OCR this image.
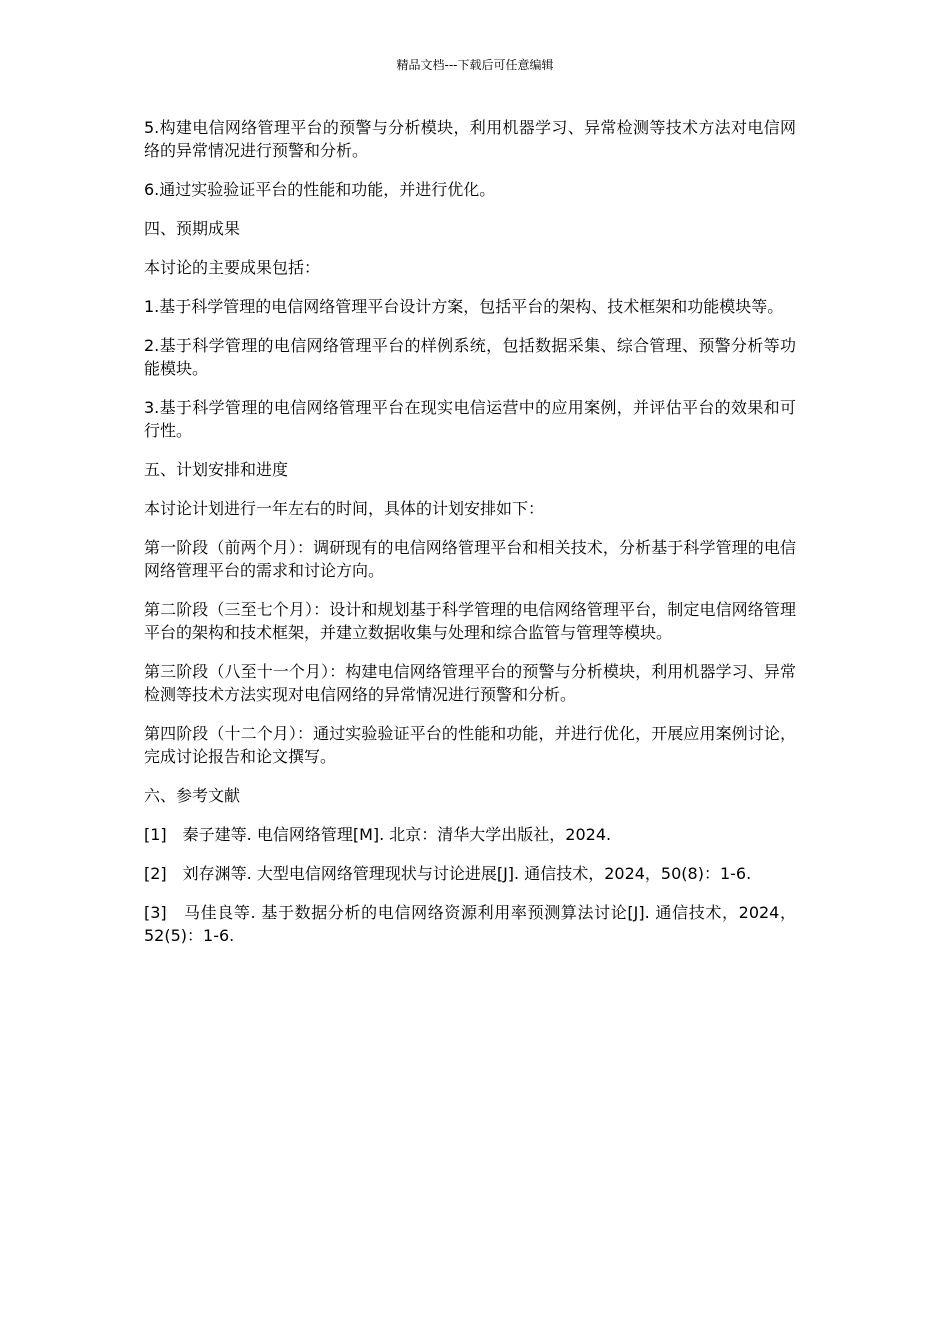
精品文档---下载后可任意编辑

5.构建电信网络管理平台的预警与分析模块，利用机器学习、异常检测等技术方法对电信网络的异常情况进行预警和分析。

6.通过实验验证平台的性能和功能，并进行优化。

四、预期成果

本讨论的主要成果包括：

1.基于科学管理的电信网络管理平台设计方案，包括平台的架构、技术框架和功能模块等。

2.基于科学管理的电信网络管理平台的样例系统，包括数据采集、综合管理、预警分析等功能模块。

3.基于科学管理的电信网络管理平台在现实电信运营中的应用案例，并评估平台的效果和可行性。

五、计划安排和进度

本讨论计划进行一年左右的时间，具体的计划安排如下：

第一阶段（前两个月）：调研现有的电信网络管理平台和相关技术，分析基于科学管理的电信网络管理平台的需求和讨论方向。

第二阶段（三至七个月）：设计和规划基于科学管理的电信网络管理平台，制定电信网络管理平台的架构和技术框架，并建立数据收集与处理和综合监管与管理等模块。

第三阶段（八至十一个月）：构建电信网络管理平台的预警与分析模块，利用机器学习、异常检测等技术方法实现对电信网络的异常情况进行预警和分析。

第四阶段（十二个月）：通过实验验证平台的性能和功能，并进行优化，开展应用案例讨论，完成讨论报告和论文撰写。

六、参考文献

[1]　秦子建等. 电信网络管理[M]. 北京：清华大学出版社，2024.

[2]　刘存渊等. 大型电信网络管理现状与讨论进展[J]. 通信技术，2024，50(8)：1-6.

[3]　马佳良等. 基于数据分析的电信网络资源利用率预测算法讨论[J]. 通信技术，2024，52(5)：1-6.
